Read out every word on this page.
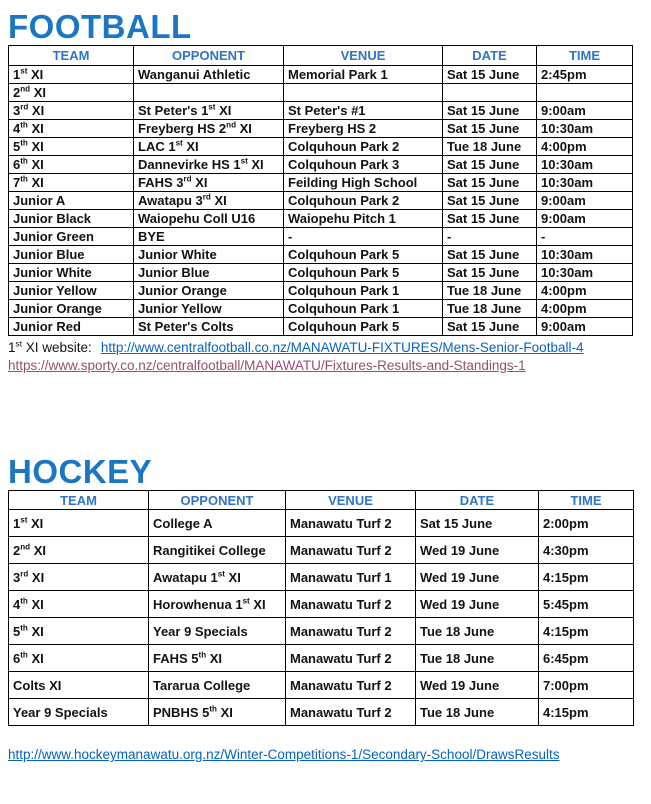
FOOTBALL
TEAM	OPPONENT	VENUE	DATE	TIME
1st XI	Wanganui Athletic	Memorial Park 1	Sat 15 June	2:45pm
2nd XI				
3rd XI	St Peter's 1st XI	St Peter's #1	Sat 15 June	9:00am
4th XI	Freyberg HS 2nd XI	Freyberg HS 2	Sat 15 June	10:30am
5th XI	LAC 1st XI	Colquhoun Park 2	Tue 18 June	4:00pm
6th XI	Dannevirke HS 1st XI	Colquhoun Park 3	Sat 15 June	10:30am
7th XI	FAHS 3rd XI	Feilding High School	Sat 15 June	10:30am
Junior A	Awatapu 3rd XI	Colquhoun Park 2	Sat 15 June	9:00am
Junior Black	Waiopehu Coll U16	Waiopehu Pitch 1	Sat 15 June	9:00am
Junior Green	BYE	-	-	-
Junior Blue	Junior White	Colquhoun Park 5	Sat 15 June	10:30am
Junior White	Junior Blue	Colquhoun Park 5	Sat 15 June	10:30am
Junior Yellow	Junior Orange	Colquhoun Park 1	Tue 18 June	4:00pm
Junior Orange	Junior Yellow	Colquhoun Park 1	Tue 18 June	4:00pm
Junior Red	St Peter's Colts	Colquhoun Park 5	Sat 15 June	9:00am

1st XI website: http://www.centralfootball.co.nz/MANAWATU-FIXTURES/Mens-Senior-Football-4
https://www.sporty.co.nz/centralfootball/MANAWATU/Fixtures-Results-and-Standings-1

HOCKEY
TEAM	OPPONENT	VENUE	DATE	TIME
1st XI	College A	Manawatu Turf 2	Sat 15 June	2:00pm
2nd XI	Rangitikei College	Manawatu Turf 2	Wed 19 June	4:30pm
3rd XI	Awatapu 1st XI	Manawatu Turf 1	Wed 19 June	4:15pm
4th XI	Horowhenua 1st XI	Manawatu Turf 2	Wed 19 June	5:45pm
5th XI	Year 9 Specials	Manawatu Turf 2	Tue 18 June	4:15pm
6th XI	FAHS 5th XI	Manawatu Turf 2	Tue 18 June	6:45pm
Colts XI	Tararua College	Manawatu Turf 2	Wed 19 June	7:00pm
Year 9 Specials	PNBHS 5th XI	Manawatu Turf 2	Tue 18 June	4:15pm

http://www.hockeymanawatu.org.nz/Winter-Competitions-1/Secondary-School/DrawsResults
